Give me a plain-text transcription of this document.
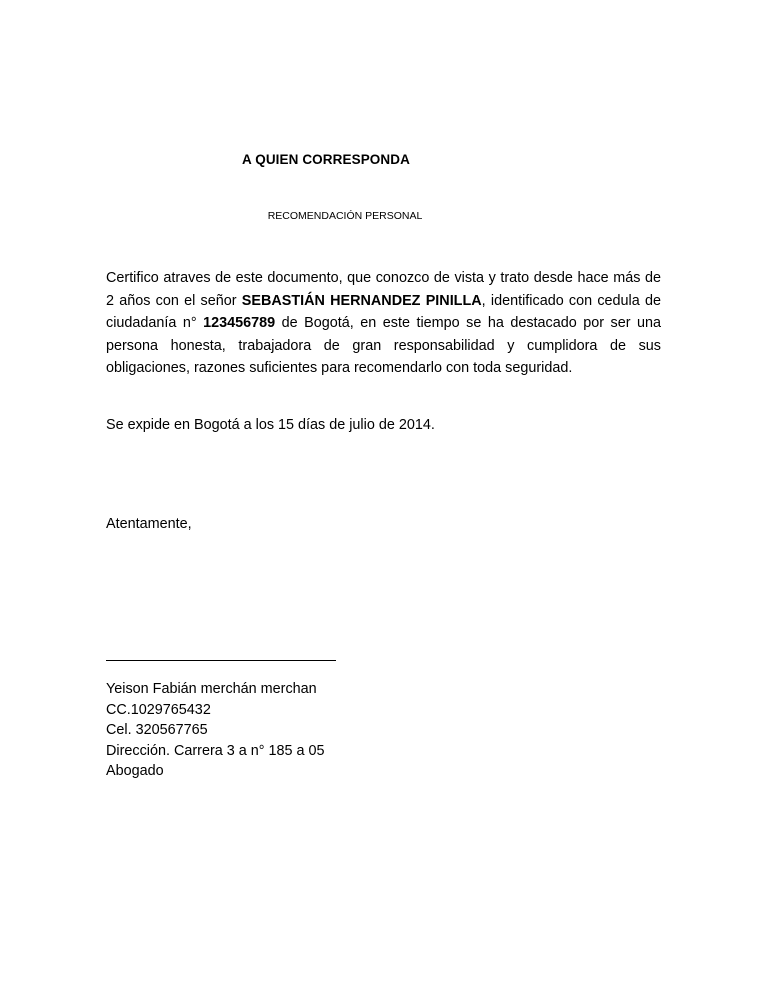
A QUIEN CORRESPONDA
RECOMENDACIÓN PERSONAL
Certifico atraves de este documento, que conozco de vista y trato desde hace más de 2 años con el señor SEBASTIÁN HERNANDEZ PINILLA, identificado con cedula de ciudadanía n° 123456789 de Bogotá, en este tiempo se ha destacado por ser una persona honesta, trabajadora de gran responsabilidad y cumplidora de sus obligaciones, razones suficientes para recomendarlo con toda seguridad.
Se expide en Bogotá a los 15 días de julio de 2014.
Atentamente,
Yeison Fabián merchán merchan
CC.1029765432
Cel. 320567765
Dirección. Carrera 3 a n° 185 a 05
Abogado
